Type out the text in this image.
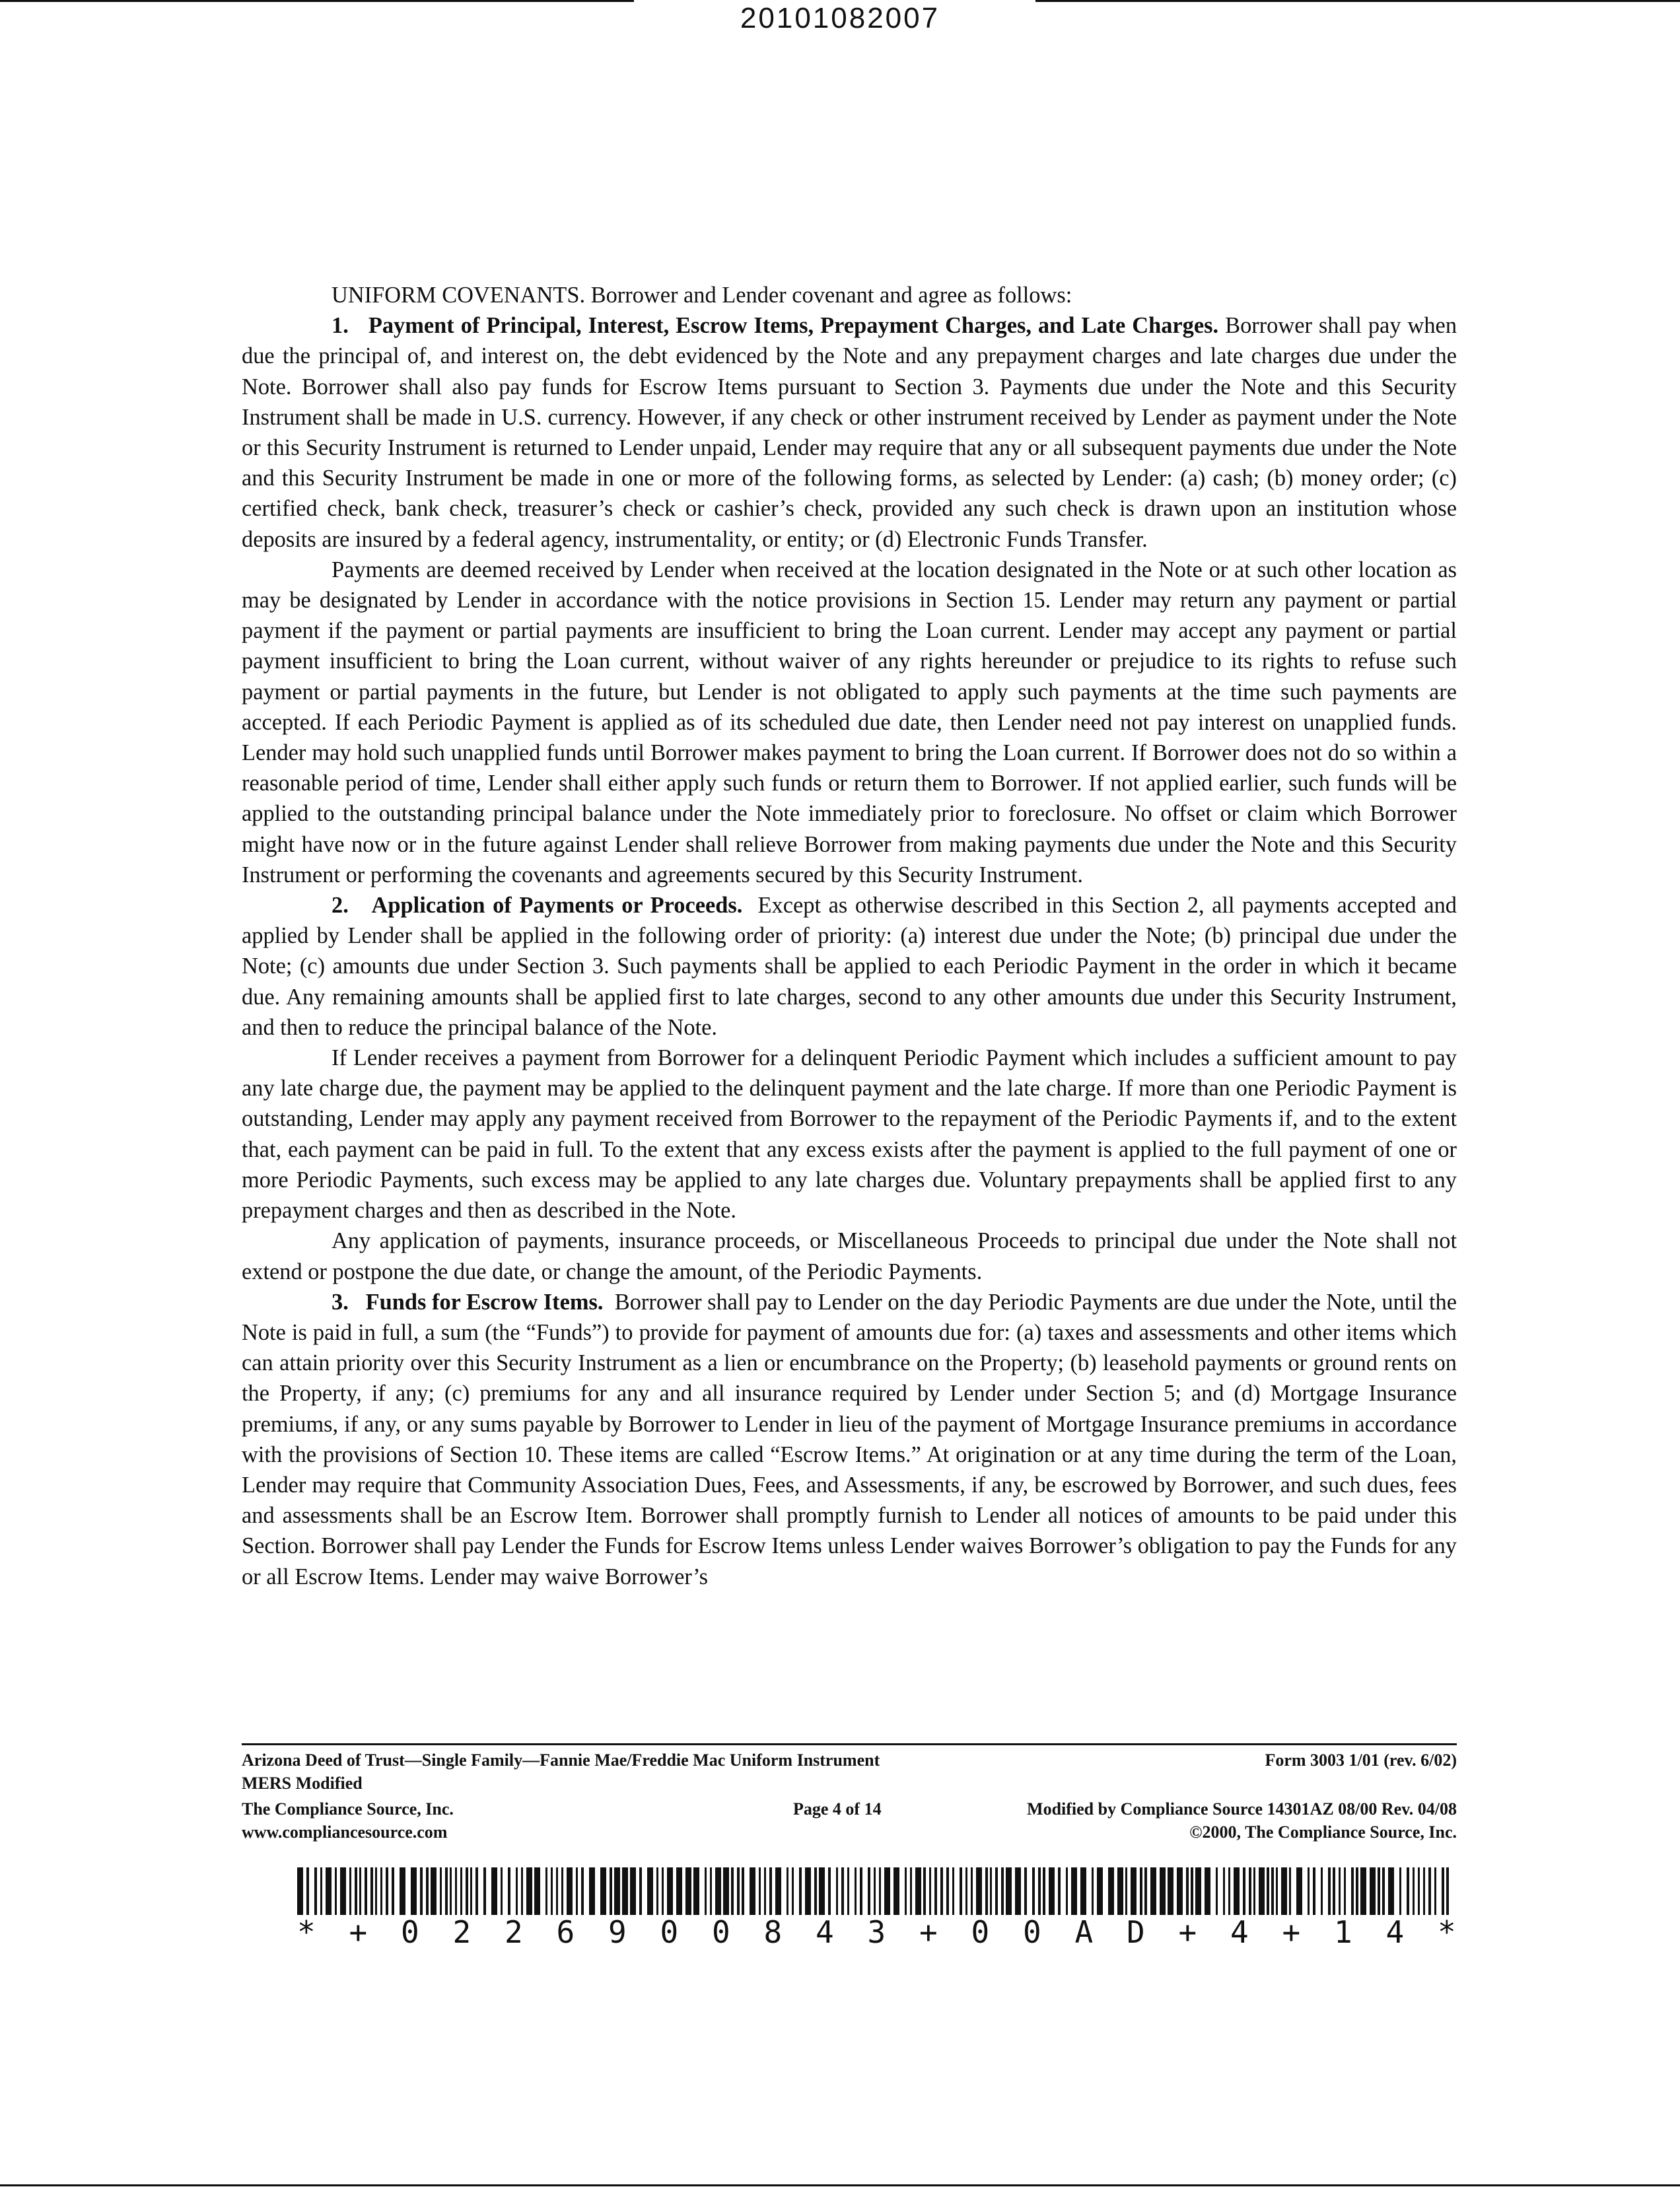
20101082007

UNIFORM COVENANTS. Borrower and Lender covenant and agree as follows:

1. Payment of Principal, Interest, Escrow Items, Prepayment Charges, and Late Charges. Borrower shall pay when due the principal of, and interest on, the debt evidenced by the Note and any prepayment charges and late charges due under the Note. Borrower shall also pay funds for Escrow Items pursuant to Section 3. Payments due under the Note and this Security Instrument shall be made in U.S. currency. However, if any check or other instrument received by Lender as payment under the Note or this Security Instrument is returned to Lender unpaid, Lender may require that any or all subsequent payments due under the Note and this Security Instrument be made in one or more of the following forms, as selected by Lender: (a) cash; (b) money order; (c) certified check, bank check, treasurer’s check or cashier’s check, provided any such check is drawn upon an institution whose deposits are insured by a federal agency, instrumentality, or entity; or (d) Electronic Funds Transfer.

Payments are deemed received by Lender when received at the location designated in the Note or at such other location as may be designated by Lender in accordance with the notice provisions in Section 15. Lender may return any payment or partial payment if the payment or partial payments are insufficient to bring the Loan current. Lender may accept any payment or partial payment insufficient to bring the Loan current, without waiver of any rights hereunder or prejudice to its rights to refuse such payment or partial payments in the future, but Lender is not obligated to apply such payments at the time such payments are accepted. If each Periodic Payment is applied as of its scheduled due date, then Lender need not pay interest on unapplied funds. Lender may hold such unapplied funds until Borrower makes payment to bring the Loan current. If Borrower does not do so within a reasonable period of time, Lender shall either apply such funds or return them to Borrower. If not applied earlier, such funds will be applied to the outstanding principal balance under the Note immediately prior to foreclosure. No offset or claim which Borrower might have now or in the future against Lender shall relieve Borrower from making payments due under the Note and this Security Instrument or performing the covenants and agreements secured by this Security Instrument.

2. Application of Payments or Proceeds. Except as otherwise described in this Section 2, all payments accepted and applied by Lender shall be applied in the following order of priority: (a) interest due under the Note; (b) principal due under the Note; (c) amounts due under Section 3. Such payments shall be applied to each Periodic Payment in the order in which it became due. Any remaining amounts shall be applied first to late charges, second to any other amounts due under this Security Instrument, and then to reduce the principal balance of the Note.

If Lender receives a payment from Borrower for a delinquent Periodic Payment which includes a sufficient amount to pay any late charge due, the payment may be applied to the delinquent payment and the late charge. If more than one Periodic Payment is outstanding, Lender may apply any payment received from Borrower to the repayment of the Periodic Payments if, and to the extent that, each payment can be paid in full. To the extent that any excess exists after the payment is applied to the full payment of one or more Periodic Payments, such excess may be applied to any late charges due. Voluntary prepayments shall be applied first to any prepayment charges and then as described in the Note.

Any application of payments, insurance proceeds, or Miscellaneous Proceeds to principal due under the Note shall not extend or postpone the due date, or change the amount, of the Periodic Payments.

3. Funds for Escrow Items. Borrower shall pay to Lender on the day Periodic Payments are due under the Note, until the Note is paid in full, a sum (the “Funds”) to provide for payment of amounts due for: (a) taxes and assessments and other items which can attain priority over this Security Instrument as a lien or encumbrance on the Property; (b) leasehold payments or ground rents on the Property, if any; (c) premiums for any and all insurance required by Lender under Section 5; and (d) Mortgage Insurance premiums, if any, or any sums payable by Borrower to Lender in lieu of the payment of Mortgage Insurance premiums in accordance with the provisions of Section 10. These items are called “Escrow Items.” At origination or at any time during the term of the Loan, Lender may require that Community Association Dues, Fees, and Assessments, if any, be escrowed by Borrower, and such dues, fees and assessments shall be an Escrow Item. Borrower shall promptly furnish to Lender all notices of amounts to be paid under this Section. Borrower shall pay Lender the Funds for Escrow Items unless Lender waives Borrower’s obligation to pay the Funds for any or all Escrow Items. Lender may waive Borrower’s

Arizona Deed of Trust—Single Family—Fannie Mae/Freddie Mac Uniform Instrument	Form 3003 1/01 (rev. 6/02)
MERS Modified
The Compliance Source, Inc.	Page 4 of 14	Modified by Compliance Source 14301AZ 08/00 Rev. 04/08
www.compliancesource.com	©2000, The Compliance Source, Inc.
* + 0 2 2 6 9 0 0 8 4 3 + 0 0 A D + 4 + 1 4 *
